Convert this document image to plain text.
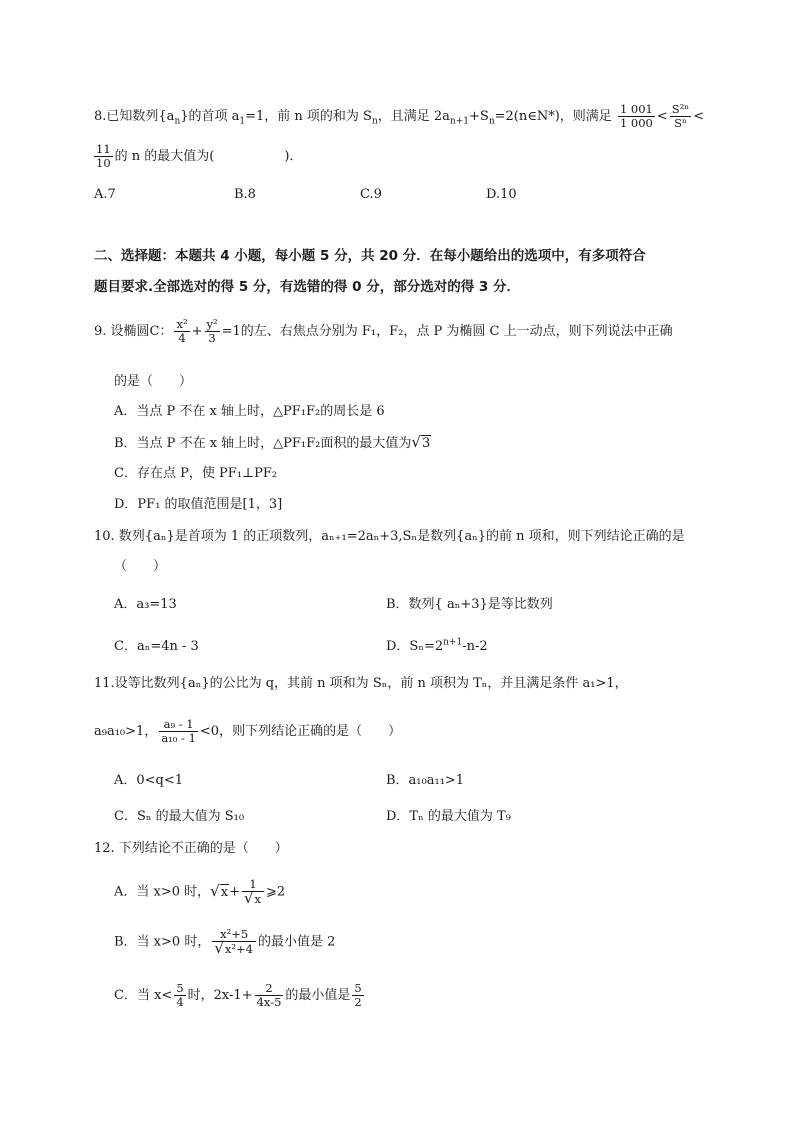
8.已知数列$\{a_n\}$的首项 $a_1=1$，前 n 项的和为 $S_n$，且满足 $2a_{n+1}+S_n=2(n\in N*)$，则满足 $\frac{1 001}{1 000} < \frac{\text{S²ⁿ}}{\text{Sⁿ}}$ <
$\frac{11}{10}$ 的 n 的最大值为(	)．
A.7	B.8	C.9	D.10
二、选择题：本题共 4 小题，每小题 5 分，共 20 分．在每小题给出的选项中，有多项符合
题目要求.全部选对的得 5 分，有选错的得 0 分，部分选对的得 3 分．
9. 设椭圆C： $\frac{\text{x²}}{4} + \frac{\text{y²}}{3} =1$的左、右焦点分别为 F₁，F₂，点 P 为椭圆 C 上一动点，则下列说法中正确
的是（　　）
A．当点 P 不在 x 轴上时，△PF₁F₂的周长是 6
B．当点 P 不在 x 轴上时，△PF₁F₂面积的最大值为√3
C．存在点 P，使 PF₁⊥PF₂
D．PF₁ 的取值范围是[1，3]
10. 数列{aₙ}是首项为 1 的正项数列，aₙ₊₁=2aₙ+3,Sₙ是数列{aₙ}的前 n 项和，则下列结论正确的是
（　　）
A．a₃=13	B．数列{ aₙ+3}是等比数列
C．aₙ=4n - 3	D．$S_n=2^{n+1}-n-2$
11.设等比数列{aₙ}的公比为 q，其前 n 项和为 Sₙ，前 n 项积为 Tₙ，并且满足条件 a₁>1，
a₉a₁₀>1， $\frac{\text{a₉ - 1}}{\text{a₁₀ - 1}} <0$，则下列结论正确的是（　　）
A．0<q<1	B．a₁₀a₁₁>1
C．Sₙ 的最大值为 S₁₀	D．Tₙ 的最大值为 T₉
12. 下列结论不正确的是（　　）
A．当 x>0 时，$√x+ \frac{1}{√x}$ ⩾2
B．当 x>0 时， $\frac{\text{x²+5}}{\text{√x²+4}}$ 的最小值是 2
C．当 $x< \frac{5}{4}$ 时，$2x-1+ \frac{2}{4x-5}$ 的最小值是 $\frac{5}{2}$
